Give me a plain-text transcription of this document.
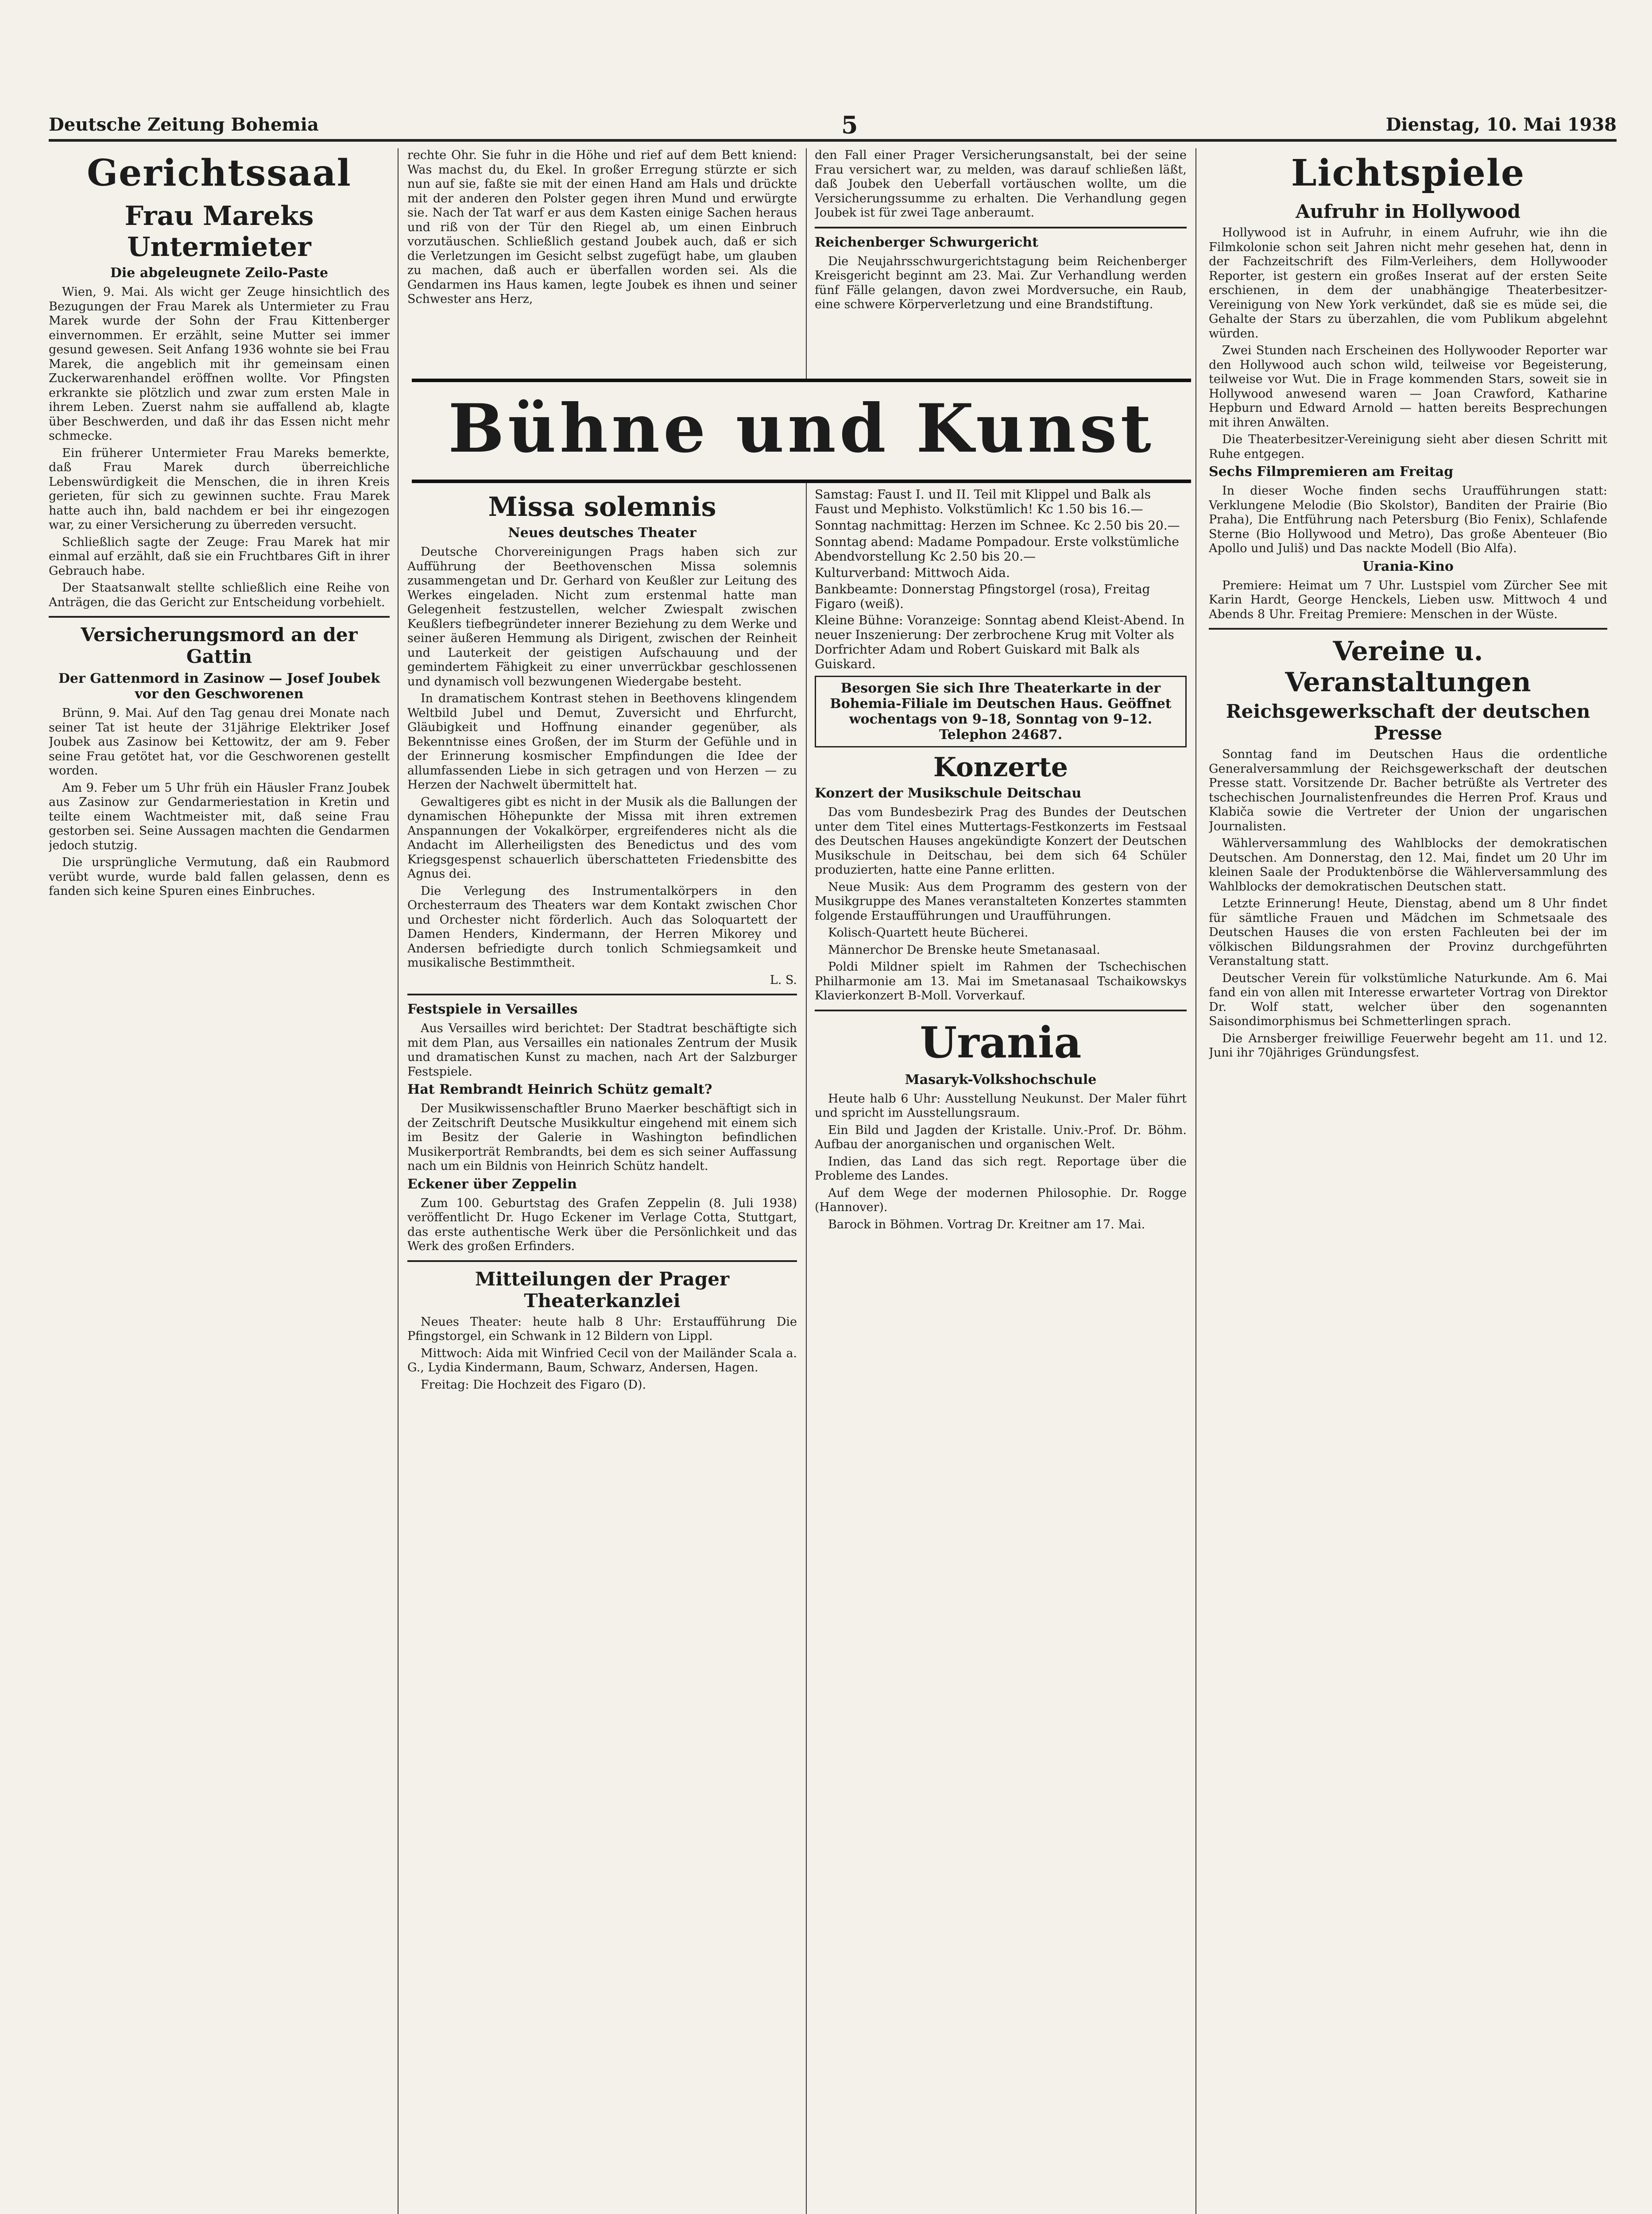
Deutsche Zeitung Bohemia	5	Dienstag, 10. Mai 1938
Gerichtssaal
Frau Mareks Untermieter
Die abgeleugnete Zeilo-Paste

Wien, 9. Mai. Als wicht ger Zeuge hinsichtlich des Bezugungen der Frau Marek als Untermieter zu Frau Marek wurde der Sohn der Frau Kittenberger einvernommen. Er erzählt, seine Mutter sei immer gesund gewesen. Seit Anfang 1936 wohnte sie bei Frau Marek, die angeblich mit ihr gemeinsam einen Zuckerwarenhandel eröffnen wollte. Vor Pfingsten erkrankte sie plötzlich und zwar zum ersten Male in ihrem Leben. Zuerst nahm sie auffallend ab, klagte über Beschwerden, und daß ihr das Essen nicht mehr schmecke.

Ein früherer Untermieter Frau Mareks bemerkte, daß Frau Marek durch überreichliche Lebenswürdigkeit die Menschen, die in ihren Kreis gerieten, für sich zu gewinnen suchte. Frau Marek hatte auch ihn, bald nachdem er bei ihr eingezogen war, zu einer Versicherung zu überreden versucht.

Schließlich sagte der Zeuge: Frau Marek hat mir einmal auf erzählt, daß sie ein Fruchtbares Gift in ihrer Gebrauch habe.

Der Staatsanwalt stellte schließlich eine Reihe von Anträgen, die das Gericht zur Entscheidung vorbehielt.

Versicherungsmord an der Gattin
Der Gattenmord in Zasinow — Josef Joubek vor den Geschworenen

Brünn, 9. Mai. Auf den Tag genau drei Monate nach seiner Tat ist heute der 31jährige Elektriker Josef Joubek aus Zasinow bei Kettowitz, der am 9. Feber seine Frau getötet hat, vor die Geschworenen gestellt worden.

Am 9. Feber um 5 Uhr früh ein Häusler Franz Joubek aus Zasinow zur Gendarmeriestation in Kretin und teilte einem Wachtmeister mit, daß seine Frau gestorben sei. Seine Aussagen machten die Gendarmen jedoch stutzig.

Die ursprüngliche Vermutung, daß ein Raubmord verübt wurde, wurde bald fallen gelassen, denn es fanden sich keine Spuren eines Einbruches.

rechte Ohr. Sie fuhr in die Höhe und rief auf dem Bett kniend: Was machst du, du Ekel. In großer Erregung stürzte er sich nun auf sie, faßte sie mit der einen Hand am Hals und drückte mit der anderen den Polster gegen ihren Mund und erwürgte sie. Nach der Tat warf er aus dem Kasten einige Sachen heraus und riß von der Tür den Riegel ab, um einen Einbruch vorzutäuschen. Schließlich gestand Joubek auch, daß er sich die Verletzungen im Gesicht selbst zugefügt habe, um glauben zu machen, daß auch er überfallen worden sei. Als die Gendarmen ins Haus kamen, legte Joubek es ihnen und seiner Schwester ans Herz,

den Fall einer Prager Versicherungsanstalt, bei der seine Frau versichert war, zu melden, was darauf schließen läßt, daß Joubek den Ueberfall vortäuschen wollte, um die Versicherungssumme zu erhalten. Die Verhandlung gegen Joubek ist für zwei Tage anberaumt.

Reichenberger Schwurgericht

Die Neujahrsschwurgerichtstagung beim Reichenberger Kreisgericht beginnt am 23. Mai. Zur Verhandlung werden fünf Fälle gelangen, davon zwei Mordversuche, ein Raub, eine schwere Körperverletzung und eine Brandstiftung.

Bühne und Kunst
Missa solemnis
Neues deutsches Theater

Deutsche Chorvereinigungen Prags haben sich zur Aufführung der Beethovenschen Missa solemnis zusammengetan und Dr. Gerhard von Keußler zur Leitung des Werkes eingeladen. Nicht zum erstenmal hatte man Gelegenheit festzustellen, welcher Zwiespalt zwischen Keußlers tiefbegründeter innerer Beziehung zu dem Werke und seiner äußeren Hemmung als Dirigent, zwischen der Reinheit und Lauterkeit der geistigen Aufschauung und der gemindertem Fähigkeit zu einer unverrückbar geschlossenen und dynamisch voll bezwungenen Wiedergabe besteht.

In dramatischem Kontrast stehen in Beethovens klingendem Weltbild Jubel und Demut, Zuversicht und Ehrfurcht, Gläubigkeit und Hoffnung einander gegenüber, als Bekenntnisse eines Großen, der im Sturm der Gefühle und in der Erinnerung kosmischer Empfindungen die Idee der allumfassenden Liebe in sich getragen und von Herzen — zu Herzen der Nachwelt übermittelt hat.

Gewaltigeres gibt es nicht in der Musik als die Ballungen der dynamischen Höhepunkte der Missa mit ihren extremen Anspannungen der Vokalkörper, ergreifenderes nicht als die Andacht im Allerheiligsten des Benedictus und des vom Kriegsgespenst schauerlich überschatteten Friedensbitte des Agnus dei.

Die Verlegung des Instrumentalkörpers in den Orchesterraum des Theaters war dem Kontakt zwischen Chor und Orchester nicht förderlich. Auch das Soloquartett der Damen Henders, Kindermann, der Herren Mikorey und Andersen befriedigte durch tonlich Schmiegsamkeit und musikalische Bestimmtheit.

L. S.

Festspiele in Versailles

Aus Versailles wird berichtet: Der Stadtrat beschäftigte sich mit dem Plan, aus Versailles ein nationales Zentrum der Musik und dramatischen Kunst zu machen, nach Art der Salzburger Festspiele.

Hat Rembrandt Heinrich Schütz gemalt?

Der Musikwissenschaftler Bruno Maerker beschäftigt sich in der Zeitschrift Deutsche Musikkultur eingehend mit einem sich im Besitz der Galerie in Washington befindlichen Musikerporträt Rembrandts, bei dem es sich seiner Auffassung nach um ein Bildnis von Heinrich Schütz handelt.

Eckener über Zeppelin

Zum 100. Geburtstag des Grafen Zeppelin (8. Juli 1938) veröffentlicht Dr. Hugo Eckener im Verlage Cotta, Stuttgart, das erste authentische Werk über die Persönlichkeit und das Werk des großen Erfinders.

Mitteilungen der Prager Theaterkanzlei

Neues Theater: heute halb 8 Uhr: Erstaufführung Die Pfingstorgel, ein Schwank in 12 Bildern von Lippl.

Mittwoch: Aida mit Winfried Cecil von der Mailänder Scala a. G., Lydia Kindermann, Baum, Schwarz, Andersen, Hagen.

Freitag: Die Hochzeit des Figaro (D).

Samstag: Faust I. und II. Teil mit Klippel und Balk als Faust und Mephisto. Volkstümlich! Kc 1.50 bis 16.—
Sonntag nachmittag: Herzen im Schnee. Kc 2.50 bis 20.—
Sonntag abend: Madame Pompadour. Erste volkstümliche Abendvorstellung Kc 2.50 bis 20.—
Kulturverband: Mittwoch Aida.
Bankbeamte: Donnerstag Pfingstorgel (rosa), Freitag Figaro (weiß).
Kleine Bühne: Voranzeige: Sonntag abend Kleist-Abend. In neuer Inszenierung: Der zerbrochene Krug mit Volter als Dorfrichter Adam und Robert Guiskard mit Balk als Guiskard.
Besorgen Sie sich Ihre Theaterkarte in der Bohemia-Filiale im Deutschen Haus. Geöffnet wochentags von 9–18, Sonntag von 9–12. Telephon 24687.
Konzerte
Konzert der Musikschule Deitschau

Das vom Bundesbezirk Prag des Bundes der Deutschen unter dem Titel eines Muttertags-Festkonzerts im Festsaal des Deutschen Hauses angekündigte Konzert der Deutschen Musikschule in Deitschau, bei dem sich 64 Schüler produzierten, hatte eine Panne erlitten.

Neue Musik: Aus dem Programm des gestern von der Musikgruppe des Manes veranstalteten Konzertes stammten folgende Erstaufführungen und Uraufführungen.

Kolisch-Quartett heute Bücherei.

Männerchor De Brenske heute Smetanasaal.

Poldi Mildner spielt im Rahmen der Tschechischen Philharmonie am 13. Mai im Smetanasaal Tschaikowskys Klavierkonzert B-Moll. Vorverkauf.

Urania
Masaryk-Volkshochschule

Heute halb 6 Uhr: Ausstellung Neukunst. Der Maler führt und spricht im Ausstellungsraum.

Ein Bild und Jagden der Kristalle. Univ.-Prof. Dr. Böhm. Aufbau der anorganischen und organischen Welt.

Indien, das Land das sich regt. Reportage über die Probleme des Landes.

Auf dem Wege der modernen Philosophie. Dr. Rogge (Hannover).

Barock in Böhmen. Vortrag Dr. Kreitner am 17. Mai.

Lichtspiele
Aufruhr in Hollywood

Hollywood ist in Aufruhr, in einem Aufruhr, wie ihn die Filmkolonie schon seit Jahren nicht mehr gesehen hat, denn in der Fachzeitschrift des Film-Verleihers, dem Hollywooder Reporter, ist gestern ein großes Inserat auf der ersten Seite erschienen, in dem der unabhängige Theaterbesitzer-Vereinigung von New York verkündet, daß sie es müde sei, die Gehalte der Stars zu überzahlen, die vom Publikum abgelehnt würden.

Zwei Stunden nach Erscheinen des Hollywooder Reporter war den Hollywood auch schon wild, teilweise vor Begeisterung, teilweise vor Wut. Die in Frage kommenden Stars, soweit sie in Hollywood anwesend waren — Joan Crawford, Katharine Hepburn und Edward Arnold — hatten bereits Besprechungen mit ihren Anwälten.

Die Theaterbesitzer-Vereinigung sieht aber diesen Schritt mit Ruhe entgegen.

Sechs Filmpremieren am Freitag

In dieser Woche finden sechs Uraufführungen statt: Verklungene Melodie (Bio Skolstor), Banditen der Prairie (Bio Praha), Die Entführung nach Petersburg (Bio Fenix), Schlafende Sterne (Bio Hollywood und Metro), Das große Abenteuer (Bio Apollo und Juliš) und Das nackte Modell (Bio Alfa).

Urania-Kino

Premiere: Heimat um 7 Uhr. Lustspiel vom Zürcher See mit Karin Hardt, George Henckels, Lieben usw. Mittwoch 4 und Abends 8 Uhr. Freitag Premiere: Menschen in der Wüste.

Vereine u. Veranstaltungen
Reichsgewerkschaft der deutschen Presse

Sonntag fand im Deutschen Haus die ordentliche Generalversammlung der Reichsgewerkschaft der deutschen Presse statt. Vorsitzende Dr. Bacher betrüßte als Vertreter des tschechischen Journalistenfreundes die Herren Prof. Kraus und Klabiča sowie die Vertreter der Union der ungarischen Journalisten.

Wählerversammlung des Wahlblocks der demokratischen Deutschen. Am Donnerstag, den 12. Mai, findet um 20 Uhr im kleinen Saale der Produktenbörse die Wählerversammlung des Wahlblocks der demokratischen Deutschen statt.

Letzte Erinnerung! Heute, Dienstag, abend um 8 Uhr findet für sämtliche Frauen und Mädchen im Schmetsaale des Deutschen Hauses die von ersten Fachleuten bei der im völkischen Bildungsrahmen der Provinz durchgeführten Veranstaltung statt.

Deutscher Verein für volkstümliche Naturkunde. Am 6. Mai fand ein von allen mit Interesse erwarteter Vortrag von Direktor Dr. Wolf statt, welcher über den sogenannten Saisondimorphismus bei Schmetterlingen sprach.

Die Arnsberger freiwillige Feuerwehr begeht am 11. und 12. Juni ihr 70jähriges Gründungsfest.
